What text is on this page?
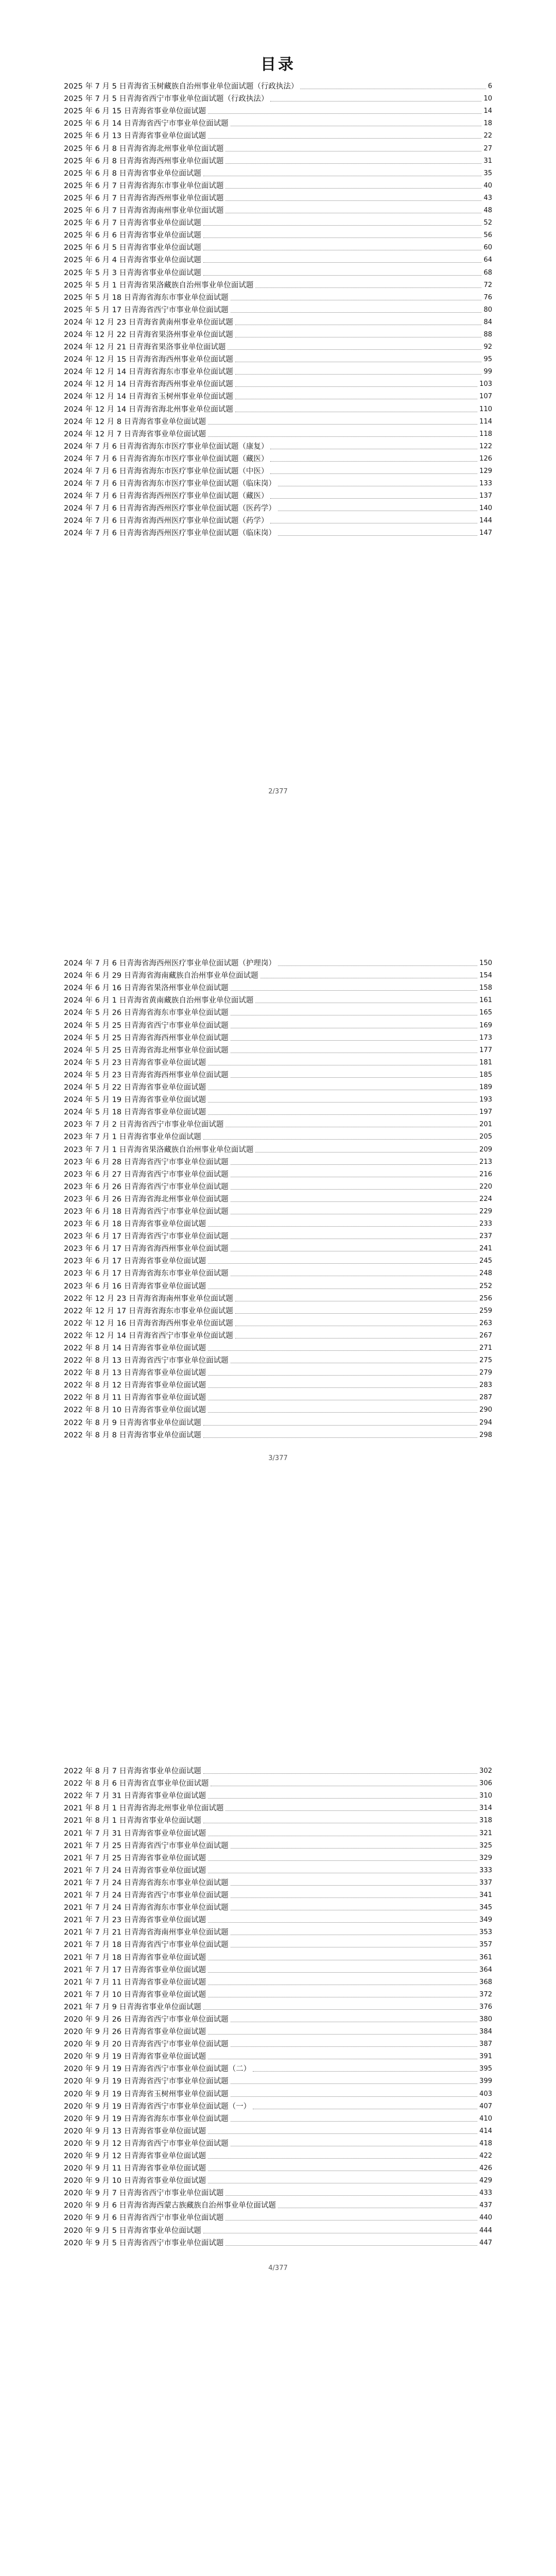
目录
2025 年 7 月 5 日青海省玉树藏族自治州事业单位面试题（行政执法）	6
2025 年 7 月 5 日青海省西宁市事业单位面试题（行政执法）	10
2025 年 6 月 15 日青海省事业单位面试题	14
2025 年 6 月 14 日青海省西宁市事业单位面试题	18
2025 年 6 月 13 日青海省事业单位面试题	22
2025 年 6 月 8 日青海省海北州事业单位面试题	27
2025 年 6 月 8 日青海省海西州事业单位面试题	31
2025 年 6 月 8 日青海省事业单位面试题	35
2025 年 6 月 7 日青海省海东市事业单位面试题	40
2025 年 6 月 7 日青海省海西州事业单位面试题	43
2025 年 6 月 7 日青海省海南州事业单位面试题	48
2025 年 6 月 7 日青海省事业单位面试题	52
2025 年 6 月 6 日青海省事业单位面试题	56
2025 年 6 月 5 日青海省事业单位面试题	60
2025 年 6 月 4 日青海省事业单位面试题	64
2025 年 5 月 3 日青海省事业单位面试题	68
2025 年 5 月 1 日青海省果洛藏族自治州事业单位面试题	72
2025 年 5 月 18 日青海省海东市事业单位面试题	76
2025 年 5 月 17 日青海省西宁市事业单位面试题	80
2024 年 12 月 23 日青海省黄南州事业单位面试题	84
2024 年 12 月 22 日青海省果洛州事业单位面试题	88
2024 年 12 月 21 日青海省果洛事业单位面试题	92
2024 年 12 月 15 日青海省海西州事业单位面试题	95
2024 年 12 月 14 日青海省海东市事业单位面试题	99
2024 年 12 月 14 日青海省海西州事业单位面试题	103
2024 年 12 月 14 日青海省玉树州事业单位面试题	107
2024 年 12 月 14 日青海省海北州事业单位面试题	110
2024 年 12 月 8 日青海省事业单位面试题	114
2024 年 12 月 7 日青海省事业单位面试题	118
2024 年 7 月 6 日青海省海东市医疗事业单位面试题（康复）	122
2024 年 7 月 6 日青海省海东市医疗事业单位面试题（藏医）	126
2024 年 7 月 6 日青海省海东市医疗事业单位面试题（中医）	129
2024 年 7 月 6 日青海省海东市医疗事业单位面试题（临床岗）	133
2024 年 7 月 6 日青海省海西州医疗事业单位面试题（藏医）	137
2024 年 7 月 6 日青海省海西州医疗事业单位面试题（医药学）	140
2024 年 7 月 6 日青海省海西州医疗事业单位面试题（药学）	144
2024 年 7 月 6 日青海省海西州医疗事业单位面试题（临床岗）	147
2/377
2024 年 7 月 6 日青海省海西州医疗事业单位面试题（护理岗）	150
2024 年 6 月 29 日青海省海南藏族自治州事业单位面试题	154
2024 年 6 月 16 日青海省果洛州事业单位面试题	158
2024 年 6 月 1 日青海省黄南藏族自治州事业单位面试题	161
2024 年 5 月 26 日青海省海东市事业单位面试题	165
2024 年 5 月 25 日青海省西宁市事业单位面试题	169
2024 年 5 月 25 日青海省海西州事业单位面试题	173
2024 年 5 月 25 日青海省海北州事业单位面试题	177
2024 年 5 月 23 日青海省事业单位面试题	181
2024 年 5 月 23 日青海省海西州事业单位面试题	185
2024 年 5 月 22 日青海省事业单位面试题	189
2024 年 5 月 19 日青海省事业单位面试题	193
2024 年 5 月 18 日青海省事业单位面试题	197
2023 年 7 月 2 日青海省西宁市事业单位面试题	201
2023 年 7 月 1 日青海省事业单位面试题	205
2023 年 7 月 1 日青海省果洛藏族自治州事业单位面试题	209
2023 年 6 月 28 日青海省西宁市事业单位面试题	213
2023 年 6 月 27 日青海省西宁市事业单位面试题	216
2023 年 6 月 26 日青海省西宁市事业单位面试题	220
2023 年 6 月 26 日青海省海北州事业单位面试题	224
2023 年 6 月 18 日青海省西宁市事业单位面试题	229
2023 年 6 月 18 日青海省事业单位面试题	233
2023 年 6 月 17 日青海省西宁市事业单位面试题	237
2023 年 6 月 17 日青海省海西州事业单位面试题	241
2023 年 6 月 17 日青海省事业单位面试题	245
2023 年 6 月 17 日青海省海东市事业单位面试题	248
2023 年 6 月 16 日青海省事业单位面试题	252
2022 年 12 月 23 日青海省海南州事业单位面试题	256
2022 年 12 月 17 日青海省海东市事业单位面试题	259
2022 年 12 月 16 日青海省海西州事业单位面试题	263
2022 年 12 月 14 日青海省西宁市事业单位面试题	267
2022 年 8 月 14 日青海省事业单位面试题	271
2022 年 8 月 13 日青海省西宁市事业单位面试题	275
2022 年 8 月 13 日青海省事业单位面试题	279
2022 年 8 月 12 日青海省事业单位面试题	283
2022 年 8 月 11 日青海省事业单位面试题	287
2022 年 8 月 10 日青海省事业单位面试题	290
2022 年 8 月 9 日青海省事业单位面试题	294
2022 年 8 月 8 日青海省事业单位面试题	298
3/377
2022 年 8 月 7 日青海省事业单位面试题	302
2022 年 8 月 6 日青海省直事业单位面试题	306
2022 年 7 月 31 日青海省事业单位面试题	310
2021 年 8 月 1 日青海省海北州事业单位面试题	314
2021 年 8 月 1 日青海省事业单位面试题	318
2021 年 7 月 31 日青海省事业单位面试题	321
2021 年 7 月 25 日青海省西宁市事业单位面试题	325
2021 年 7 月 25 日青海省事业单位面试题	329
2021 年 7 月 24 日青海省事业单位面试题	333
2021 年 7 月 24 日青海省海东市事业单位面试题	337
2021 年 7 月 24 日青海省西宁市事业单位面试题	341
2021 年 7 月 24 日青海省海东市事业单位面试题	345
2021 年 7 月 23 日青海省事业单位面试题	349
2021 年 7 月 21 日青海省海南州事业单位面试题	353
2021 年 7 月 18 日青海省西宁市事业单位面试题	357
2021 年 7 月 18 日青海省事业单位面试题	361
2021 年 7 月 17 日青海省事业单位面试题	364
2021 年 7 月 11 日青海省事业单位面试题	368
2021 年 7 月 10 日青海省事业单位面试题	372
2021 年 7 月 9 日青海省事业单位面试题	376
2020 年 9 月 26 日青海省西宁市事业单位面试题	380
2020 年 9 月 26 日青海省事业单位面试题	384
2020 年 9 月 20 日青海省西宁市事业单位面试题	387
2020 年 9 月 19 日青海省事业单位面试题	391
2020 年 9 月 19 日青海省西宁市事业单位面试题（二）	395
2020 年 9 月 19 日青海省西宁市事业单位面试题	399
2020 年 9 月 19 日青海省玉树州事业单位面试题	403
2020 年 9 月 19 日青海省西宁市事业单位面试题（一）	407
2020 年 9 月 19 日青海省海东市事业单位面试题	410
2020 年 9 月 13 日青海省事业单位面试题	414
2020 年 9 月 12 日青海省西宁市事业单位面试题	418
2020 年 9 月 12 日青海省事业单位面试题	422
2020 年 9 月 11 日青海省事业单位面试题	426
2020 年 9 月 10 日青海省事业单位面试题	429
2020 年 9 月 7 日青海省西宁市事业单位面试题	433
2020 年 9 月 6 日青海省海西蒙古族藏族自治州事业单位面试题	437
2020 年 9 月 6 日青海省西宁市事业单位面试题	440
2020 年 9 月 5 日青海省事业单位面试题	444
2020 年 9 月 5 日青海省西宁市事业单位面试题	447
4/377
